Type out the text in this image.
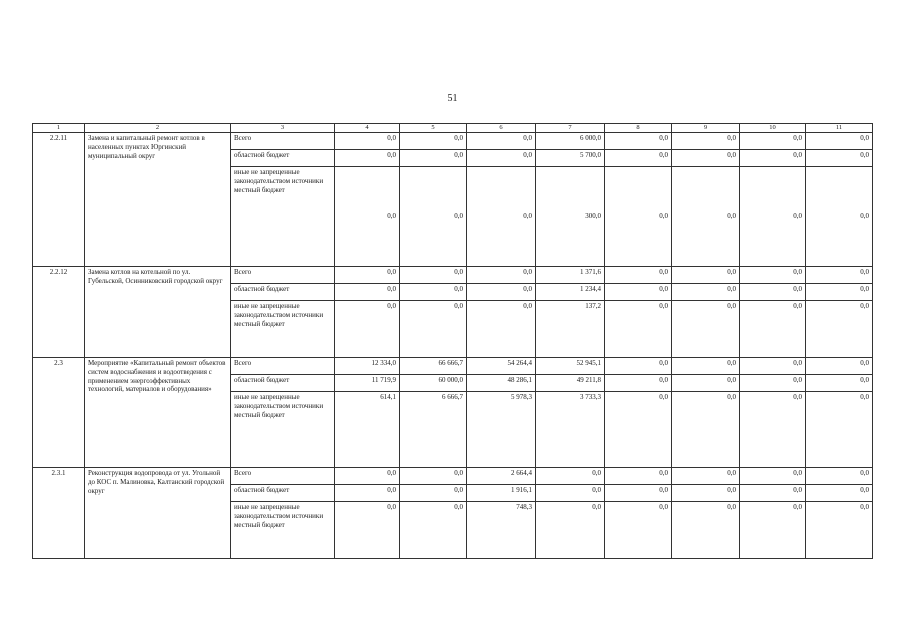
51
1	2	3	4	5	6	7	8	9	10	11
2.2.11	Замена и капитальный ремонт котлов в населенных пунктах Юргинский муниципальный округ	Всего	0,0	0,0	0,0	6 000,0	0,0	0,0	0,0	0,0
		областной бюджет	0,0	0,0	0,0	5 700,0	0,0	0,0	0,0	0,0

		иные не запрещенные законодательством источники
местный бюджет	0,0	0,0	0,0	300,0	0,0	0,0	0,0	0,0
2.2.12	Замена котлов на котельной по ул. Губельской, Осинниковский городской округ	Всего	0,0	0,0	0,0	1 371,6	0,0	0,0	0,0	0,0
		областной бюджет	0,0	0,0	0,0	1 234,4	0,0	0,0	0,0	0,0

		иные не запрещенные законодательством источники
местный бюджет	0,0	0,0	0,0	137,2	0,0	0,0	0,0	0,0
2.3	Мероприятие «Капитальный ремонт объектов систем водоснабжения и водоотведения с применением энергоэффективных технологий, материалов и оборудования»	Всего	12 334,0	66 666,7	54 264,4	52 945,1	0,0	0,0	0,0	0,0
		областной бюджет	11 719,9	60 000,0	48 286,1	49 211,8	0,0	0,0	0,0	0,0

		иные не запрещенные законодательством источники
местный бюджет	614,1	6 666,7	5 978,3	3 733,3	0,0	0,0	0,0	0,0
2.3.1	Реконструкция водопровода от ул. Угольной до КОС п. Малиновка, Калтанский городской округ	Всего	0,0	0,0	2 664,4	0,0	0,0	0,0	0,0	0,0
		областной бюджет	0,0	0,0	1 916,1	0,0	0,0	0,0	0,0	0,0

		иные не запрещенные законодательством источники
местный бюджет	0,0	0,0	748,3	0,0	0,0	0,0	0,0	0,0
